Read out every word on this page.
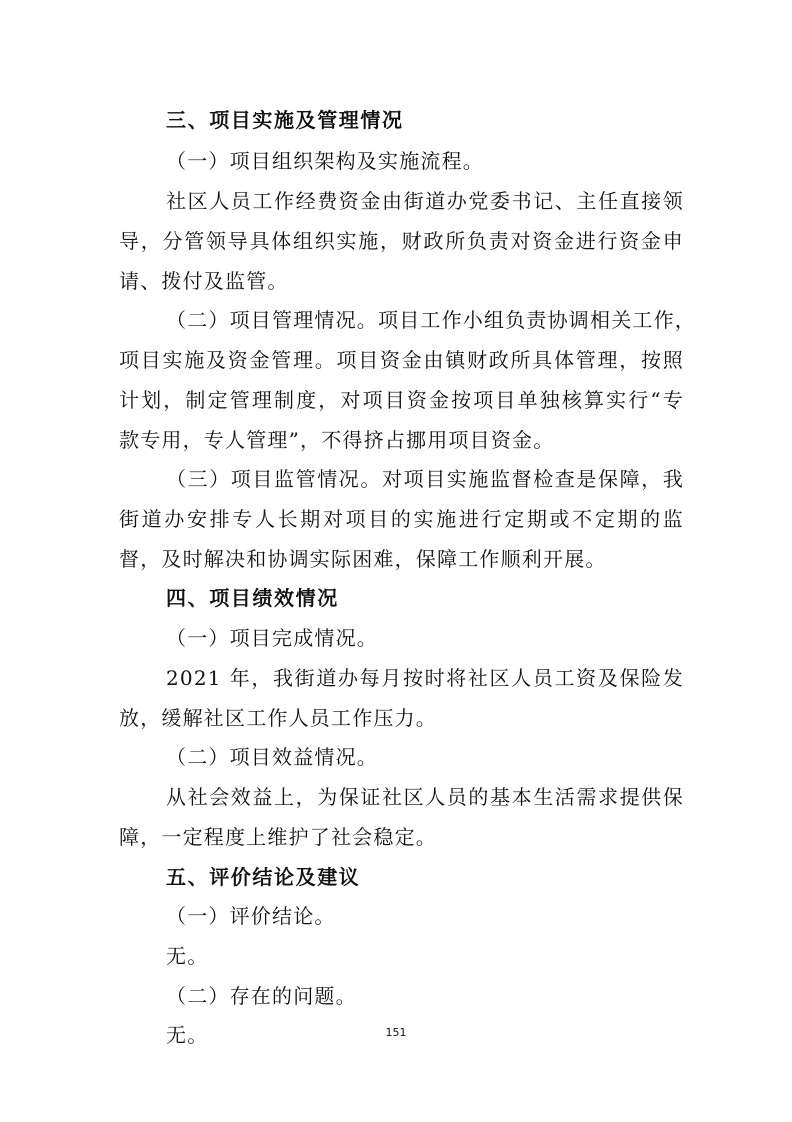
三、项目实施及管理情况
（一）项目组织架构及实施流程。
社区人员工作经费资金由街道办党委书记、主任直接领
导，分管领导具体组织实施，财政所负责对资金进行资金申
请、拨付及监管。
（二）项目管理情况。项目工作小组负责协调相关工作，
项目实施及资金管理。项目资金由镇财政所具体管理，按照
计划，制定管理制度，对项目资金按项目单独核算实行“专
款专用，专人管理”，不得挤占挪用项目资金。
（三）项目监管情况。对项目实施监督检查是保障，我
街道办安排专人长期对项目的实施进行定期或不定期的监
督，及时解决和协调实际困难，保障工作顺利开展。
四、项目绩效情况
（一）项目完成情况。
2021 年，我街道办每月按时将社区人员工资及保险发
放，缓解社区工作人员工作压力。
（二）项目效益情况。
从社会效益上，为保证社区人员的基本生活需求提供保
障，一定程度上维护了社会稳定。
五、评价结论及建议
（一）评价结论。
无。
（二）存在的问题。
无。	151
